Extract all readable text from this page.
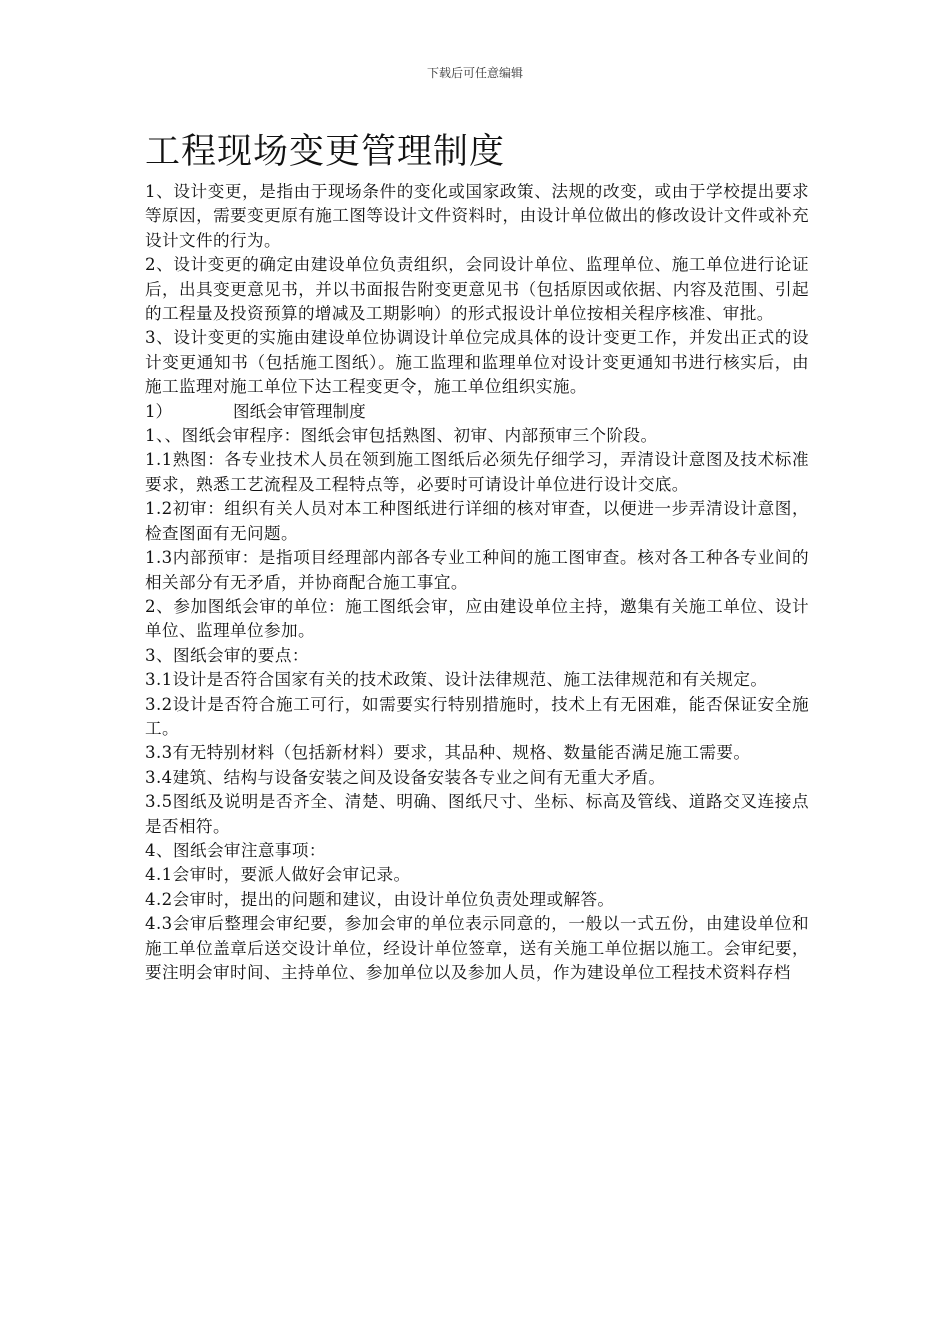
下载后可任意编辑
工程现场变更管理制度

1、设计变更，是指由于现场条件的变化或国家政策、法规的改变，或由于学校提出要求等原因，需要变更原有施工图等设计文件资料时，由设计单位做出的修改设计文件或补充设计文件的行为。

2、设计变更的确定由建设单位负责组织，会同设计单位、监理单位、施工单位进行论证后，出具变更意见书，并以书面报告附变更意见书（包括原因或依据、内容及范围、引起的工程量及投资预算的增减及工期影响）的形式报设计单位按相关程序核准、审批。

3、设计变更的实施由建设单位协调设计单位完成具体的设计变更工作，并发出正式的设计变更通知书（包括施工图纸）。施工监理和监理单位对设计变更通知书进行核实后，由施工监理对施工单位下达工程变更令，施工单位组织实施。

1）	图纸会审管理制度

1、、图纸会审程序：图纸会审包括熟图、初审、内部预审三个阶段。

1.1熟图：各专业技术人员在领到施工图纸后必须先仔细学习，弄清设计意图及技术标准要求，熟悉工艺流程及工程特点等，必要时可请设计单位进行设计交底。

1.2初审：组织有关人员对本工种图纸进行详细的核对审查，以便进一步弄清设计意图，检查图面有无问题。

1.3内部预审：是指项目经理部内部各专业工种间的施工图审查。核对各工种各专业间的相关部分有无矛盾，并协商配合施工事宜。

2、参加图纸会审的单位：施工图纸会审，应由建设单位主持，邀集有关施工单位、设计单位、监理单位参加。

3、图纸会审的要点：

3.1设计是否符合国家有关的技术政策、设计法律规范、施工法律规范和有关规定。

3.2设计是否符合施工可行，如需要实行特别措施时，技术上有无困难，能否保证安全施工。

3.3有无特别材料（包括新材料）要求，其品种、规格、数量能否满足施工需要。

3.4建筑、结构与设备安装之间及设备安装各专业之间有无重大矛盾。

3.5图纸及说明是否齐全、清楚、明确、图纸尺寸、坐标、标高及管线、道路交叉连接点是否相符。

4、图纸会审注意事项：

4.1会审时，要派人做好会审记录。

4.2会审时，提出的问题和建议，由设计单位负责处理或解答。

4.3会审后整理会审纪要，参加会审的单位表示同意的，一般以一式五份，由建设单位和施工单位盖章后送交设计单位，经设计单位签章，送有关施工单位据以施工。会审纪要，要注明会审时间、主持单位、参加单位以及参加人员，作为建设单位工程技术资料存档
